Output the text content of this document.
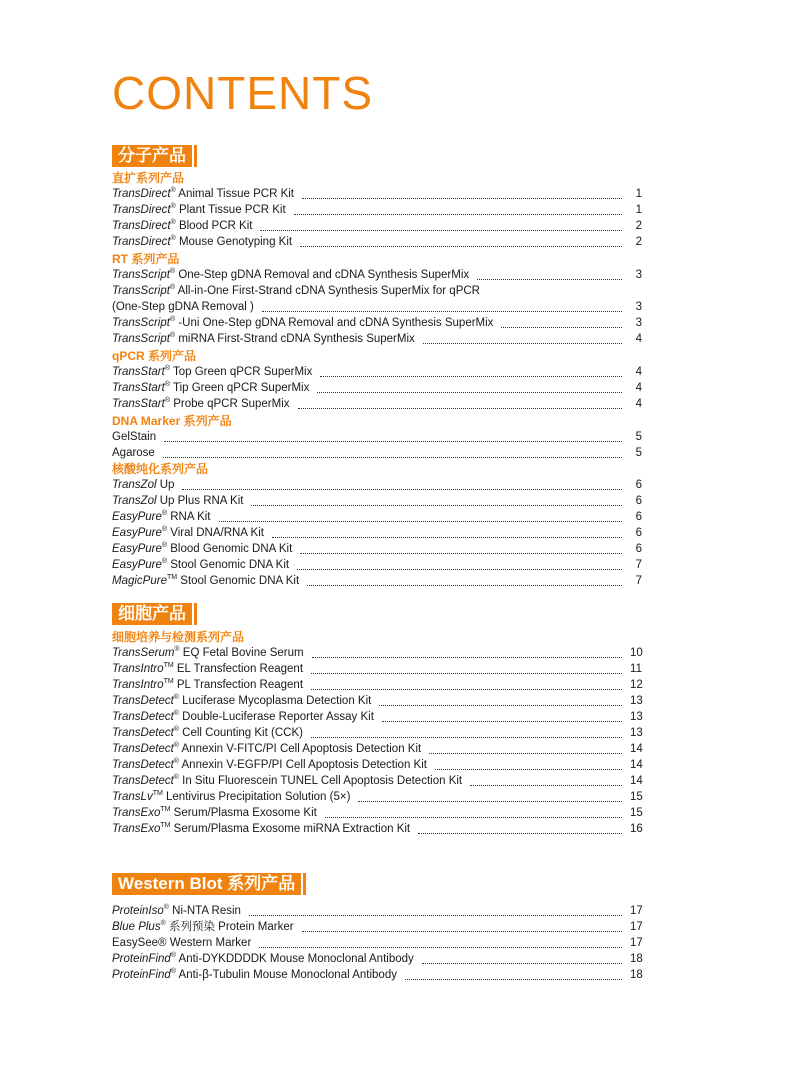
CONTENTS
分子产品
细胞产品
Western Blot 系列产品
直扩系列产品
RT 系列产品
qPCR 系列产品
DNA Marker 系列产品
核酸纯化系列产品
细胞培养与检测系列产品
TransDirect® Animal Tissue PCR Kit	1
TransDirect® Plant Tissue PCR Kit	1
TransDirect® Blood PCR Kit	2
TransDirect® Mouse Genotyping Kit	2
TransScript® One-Step gDNA Removal and cDNA Synthesis SuperMix	3
TransScript® All-in-One First-Strand cDNA Synthesis SuperMix for qPCR
(One-Step gDNA Removal )	3
TransScript® -Uni One-Step gDNA Removal and cDNA Synthesis SuperMix	3
TransScript® miRNA First-Strand cDNA Synthesis SuperMix	4
TransStart® Top Green qPCR SuperMix	4
TransStart® Tip Green qPCR SuperMix	4
TransStart® Probe qPCR SuperMix	4
GelStain	5
Agarose	5
TransZol Up	6
TransZol Up Plus RNA Kit	6
EasyPure® RNA Kit	6
EasyPure® Viral DNA/RNA Kit	6
EasyPure® Blood Genomic DNA Kit	6
EasyPure® Stool Genomic DNA Kit	7
MagicPure™ Stool Genomic DNA Kit	7
TransSerum® EQ Fetal Bovine Serum	10
TransIntro™ EL Transfection Reagent	11
TransIntro™ PL Transfection Reagent	12
TransDetect® Luciferase Mycoplasma Detection Kit	13
TransDetect® Double-Luciferase Reporter Assay Kit	13
TransDetect® Cell Counting Kit (CCK)	13
TransDetect® Annexin V-FITC/PI Cell Apoptosis Detection Kit	14
TransDetect® Annexin V-EGFP/PI Cell Apoptosis Detection Kit	14
TransDetect® In Situ Fluorescein TUNEL Cell Apoptosis Detection Kit	14
TransLv™ Lentivirus Precipitation Solution (5×)	15
TransExo™ Serum/Plasma Exosome Kit	15
TransExo™ Serum/Plasma Exosome miRNA Extraction Kit	16
ProteinIso® Ni-NTA Resin	17
Blue Plus® 系列预染 Protein Marker	17
EasySee® Western Marker	17
ProteinFind® Anti-DYKDDDDK Mouse Monoclonal Antibody	18
ProteinFind® Anti-β-Tubulin Mouse Monoclonal Antibody	18
